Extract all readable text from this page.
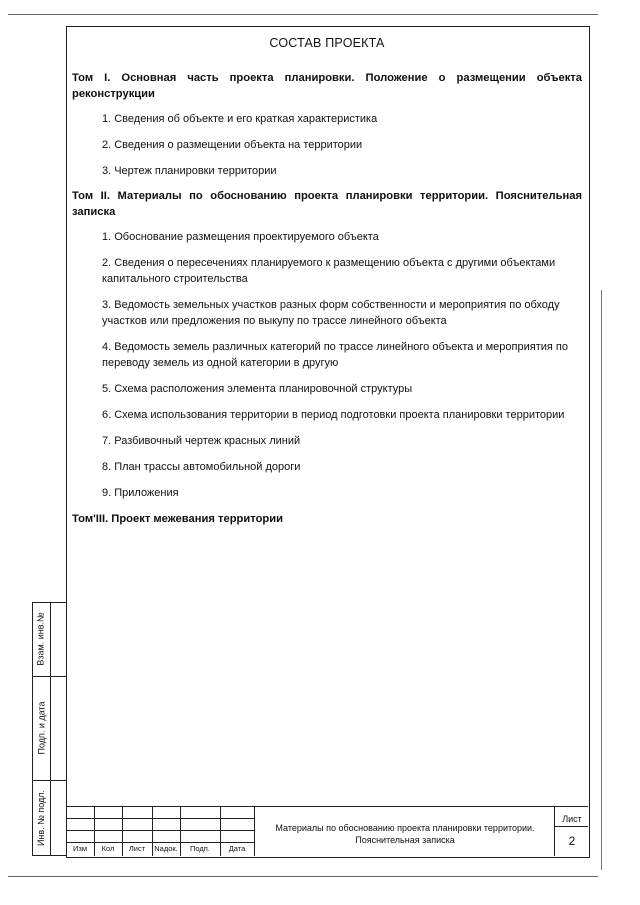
СОСТАВ ПРОЕКТА

Том I. Основная часть проекта планировки. Положение о размещении объекта реконструкции

1. Сведения об объекте и его краткая характеристика

2. Сведения о размещении объекта на территории

3. Чертеж планировки территории

Том II. Материалы по обоснованию проекта планировки территории. Пояснительная записка

1. Обоснование размещения проектируемого объекта

2. Сведения о пересечениях планируемого к размещению объекта с другими объектами капитального строительства

3. Ведомость земельных участков разных форм собственности и мероприятия по обходу участков или предложения по выкупу по трассе линейного объекта

4. Ведомость земель различных категорий по трассе линейного объекта и мероприятия по переводу земель из одной категории в другую

5. Схема расположения элемента планировочной структуры

6. Схема использования территории в период подготовки проекта планировки территории

7. Разбивочный чертеж красных линий

8. План трассы автомобильной дороги

9. Приложения

Том'III. Проект межевания территории

Взам. инв.№
Подп. и дата
Инв. № подл.
Изм	Кол	Лист	Nадок.	Подп.	Дата
Материалы по обоснованию проекта планировки территории.
Пояснительная записка
Лист
2
